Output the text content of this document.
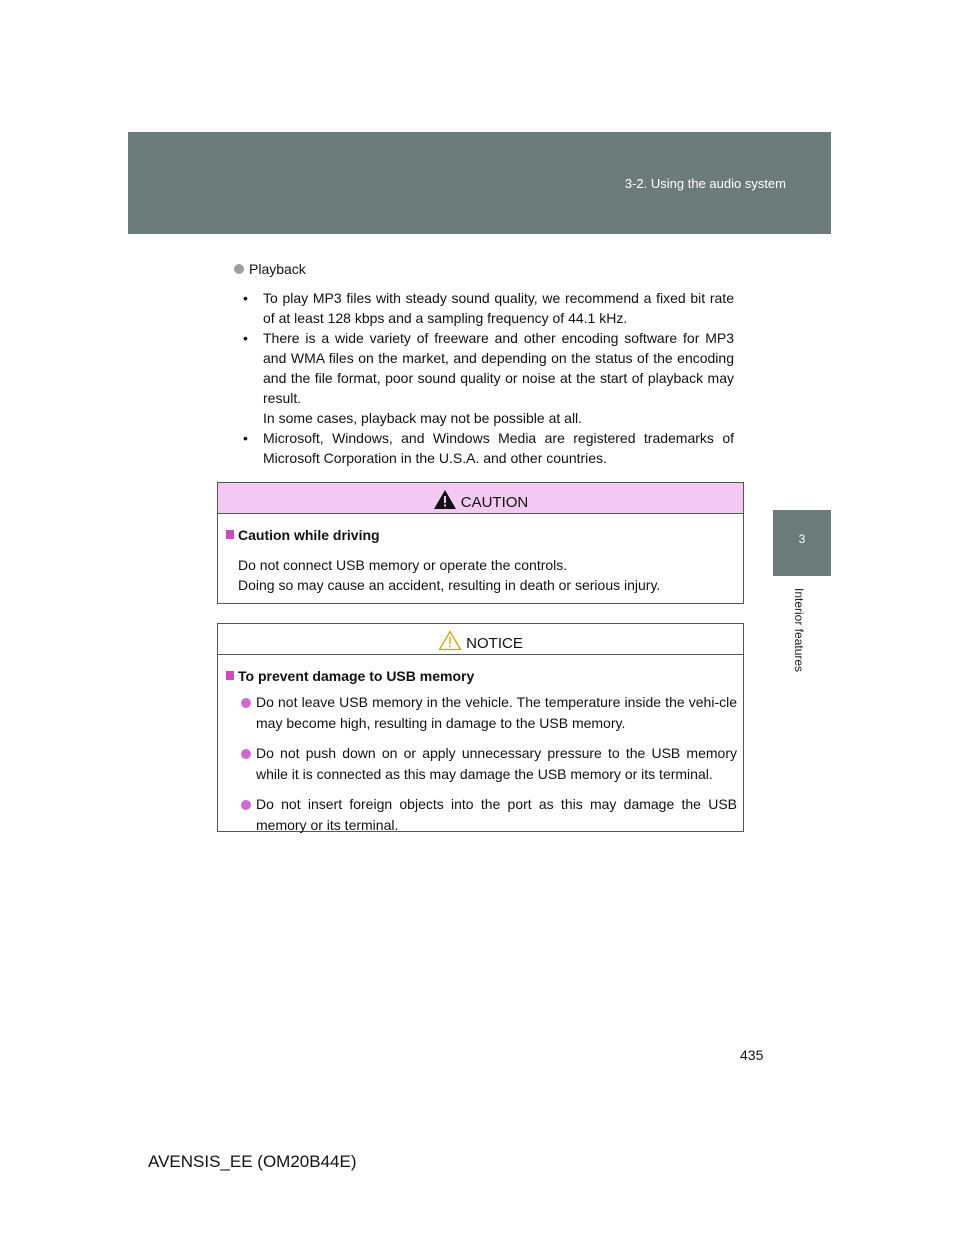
3-2. Using the audio system
3
Interior features
Playback
• To play MP3 files with steady sound quality, we recommend a fixed bit rate of at least 128 kbps and a sampling frequency of 44.1 kHz.
• There is a wide variety of freeware and other encoding software for MP3 and WMA files on the market, and depending on the status of the encoding and the file format, poor sound quality or noise at the start of playback may result.
In some cases, playback may not be possible at all.
• Microsoft, Windows, and Windows Media are registered trademarks of Microsoft Corporation in the U.S.A. and other countries.
CAUTION
Caution while driving
Do not connect USB memory or operate the controls.
Doing so may cause an accident, resulting in death or serious injury.
NOTICE
To prevent damage to USB memory
Do not leave USB memory in the vehicle. The temperature inside the vehi-cle may become high, resulting in damage to the USB memory.
Do not push down on or apply unnecessary pressure to the USB memory while it is connected as this may damage the USB memory or its terminal.
Do not insert foreign objects into the port as this may damage the USB memory or its terminal.
435
AVENSIS_EE (OM20B44E)
